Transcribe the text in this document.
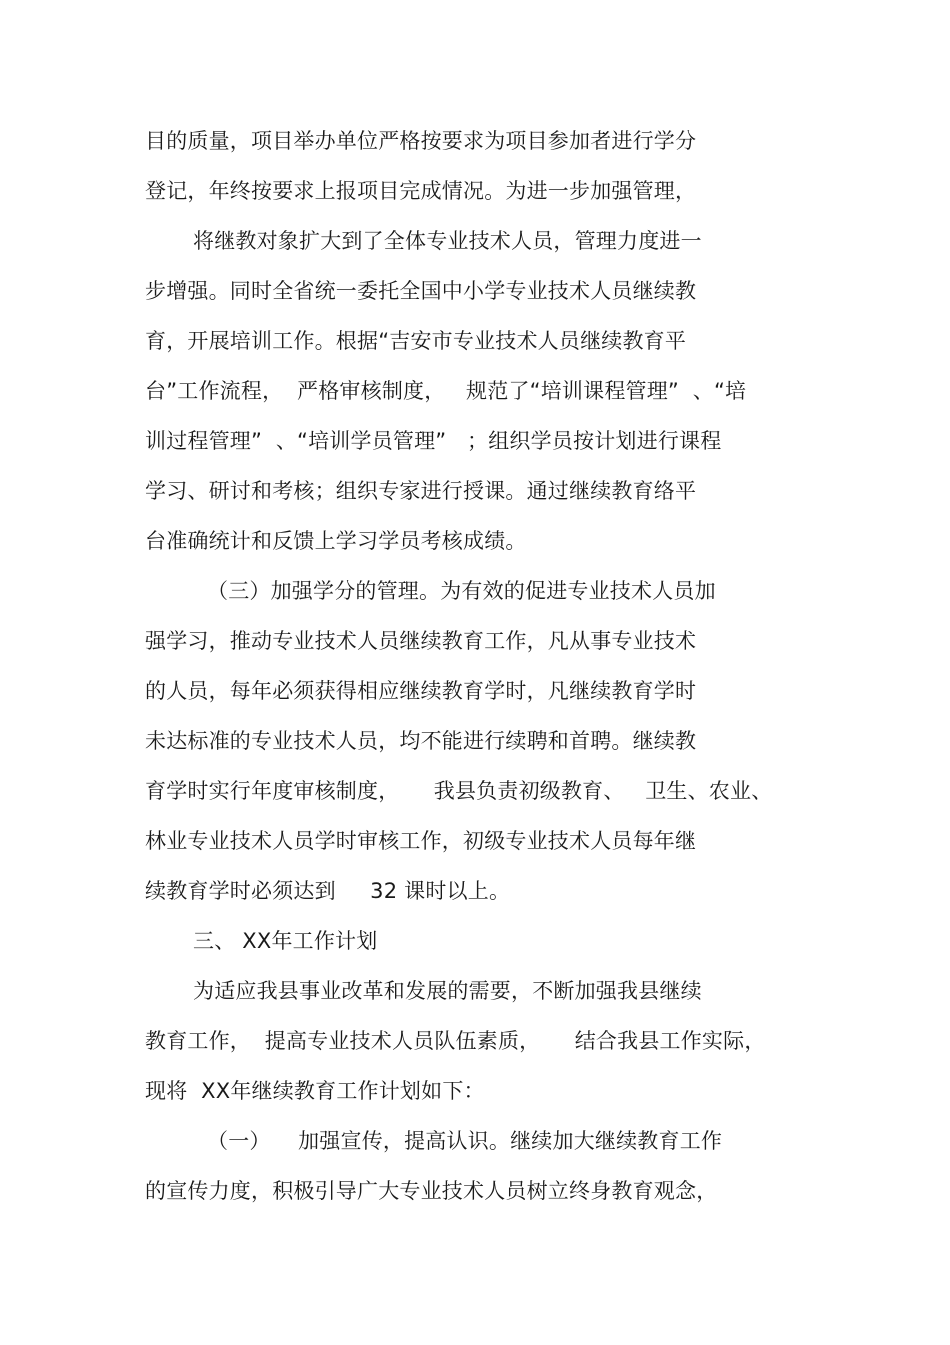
目的质量，项目举办单位严格按要求为项目参加者进行学分

登记，年终按要求上报项目完成情况。为进一步加强管理，

将继教对象扩大到了全体专业技术人员，管理力度进一

步增强。同时全省统一委托全国中小学专业技术人员继续教

育，开展培训工作。根据“吉安市专业技术人员继续教育平

台”工作流程，  严格审核制度，   规范了“培训课程管理”  、“培

训过程管理”  、“培训学员管理”   ；组织学员按计划进行课程

学习、研讨和考核；组织专家进行授课。通过继续教育络平

台准确统计和反馈上学习学员考核成绩。

（三）加强学分的管理。为有效的促进专业技术人员加

强学习，推动专业技术人员继续教育工作，凡从事专业技术

的人员，每年必须获得相应继续教育学时，凡继续教育学时

未达标准的专业技术人员，均不能进行续聘和首聘。继续教

育学时实行年度审核制度，     我县负责初级教育、   卫生、农业、

林业专业技术人员学时审核工作，初级专业技术人员每年继

续教育学时必须达到     32 课时以上。

三、 XX年工作计划

为适应我县事业改革和发展的需要，不断加强我县继续

教育工作，  提高专业技术人员队伍素质，     结合我县工作实际，

现将  XX年继续教育工作计划如下：

（一）    加强宣传，提高认识。继续加大继续教育工作

的宣传力度，积极引导广大专业技术人员树立终身教育观念，
